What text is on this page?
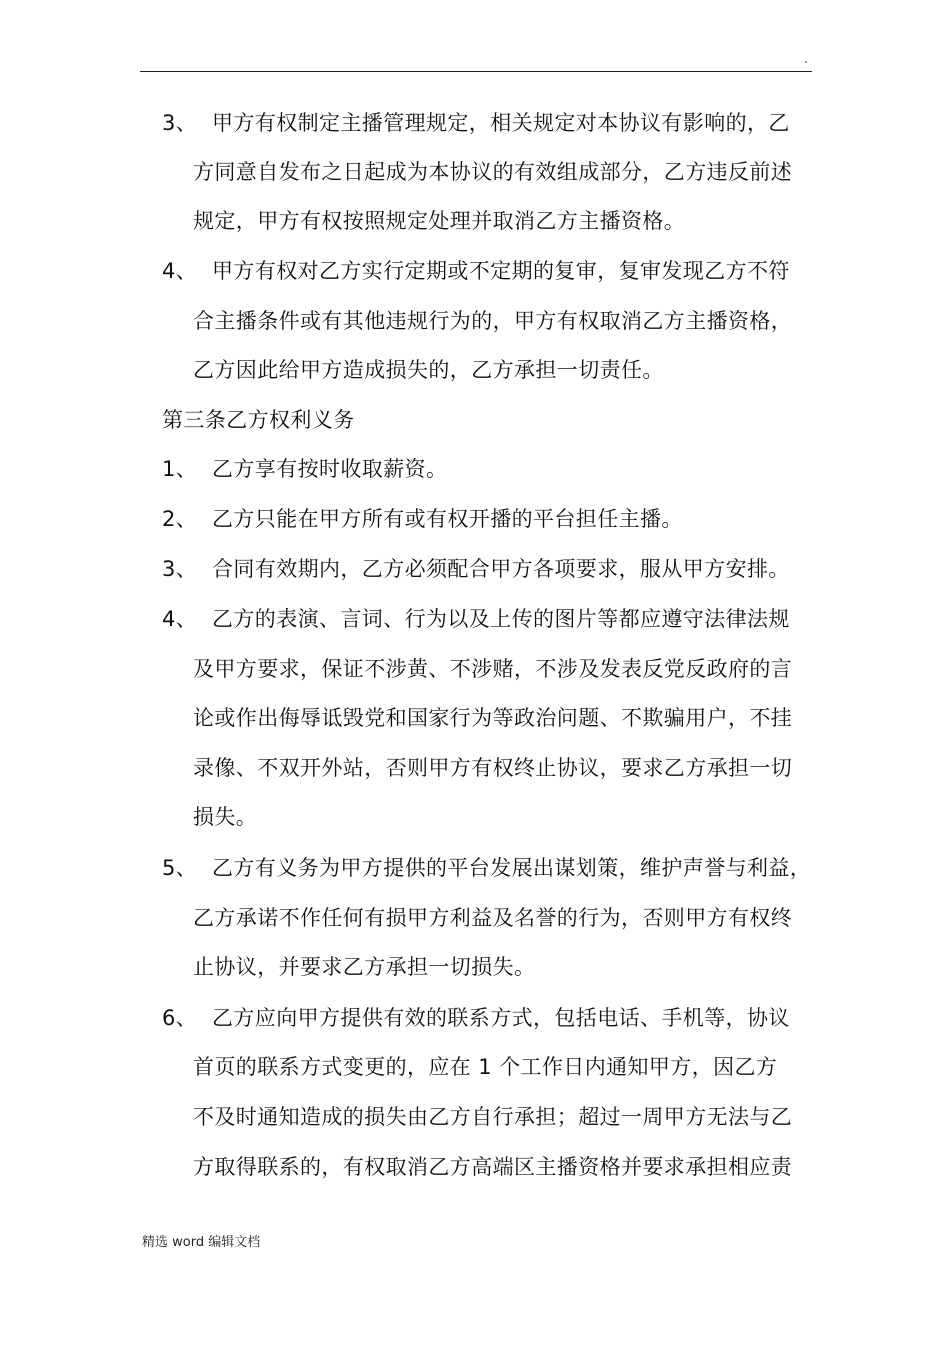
.
3、 甲方有权制定主播管理规定，相关规定对本协议有影响的，乙
方同意自发布之日起成为本协议的有效组成部分，乙方违反前述
规定，甲方有权按照规定处理并取消乙方主播资格。
4、 甲方有权对乙方实行定期或不定期的复审，复审发现乙方不符
合主播条件或有其他违规行为的，甲方有权取消乙方主播资格，
乙方因此给甲方造成损失的，乙方承担一切责任。
第三条乙方权利义务
1、 乙方享有按时收取薪资。
2、 乙方只能在甲方所有或有权开播的平台担任主播。
3、 合同有效期内，乙方必须配合甲方各项要求，服从甲方安排。
4、 乙方的表演、言词、行为以及上传的图片等都应遵守法律法规
及甲方要求，保证不涉黄、不涉赌，不涉及发表反党反政府的言
论或作出侮辱诋毁党和国家行为等政治问题、不欺骗用户，不挂
录像、不双开外站，否则甲方有权终止协议，要求乙方承担一切
损失。
5、 乙方有义务为甲方提供的平台发展出谋划策，维护声誉与利益，
乙方承诺不作任何有损甲方利益及名誉的行为，否则甲方有权终
止协议，并要求乙方承担一切损失。
6、 乙方应向甲方提供有效的联系方式，包括电话、手机等，协议
首页的联系方式变更的，应在 1 个工作日内通知甲方，因乙方
不及时通知造成的损失由乙方自行承担；超过一周甲方无法与乙
方取得联系的，有权取消乙方高端区主播资格并要求承担相应责
精选 word 编辑文档
